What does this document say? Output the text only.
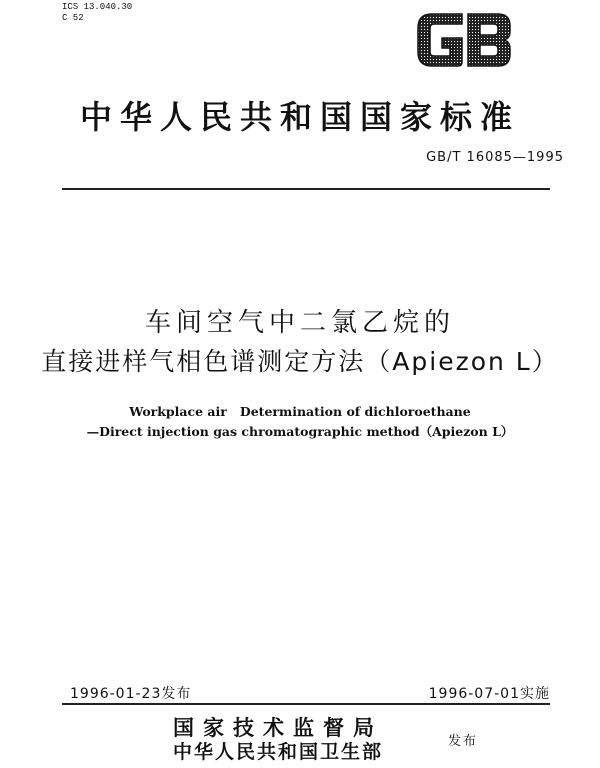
ICS 13.040.30
C 52
中华人民共和国国家标准
GB/T 16085—1995
车间空气中二氯乙烷的
直接进样气相色谱测定方法（Apiezon L）
Workplace air   Determination of dichloroethane
—Direct injection gas chromatographic method（Apiezon L）
1996-01-23发布	1996-07-01实施
国家技术监督局
中华人民共和国卫生部	发布
